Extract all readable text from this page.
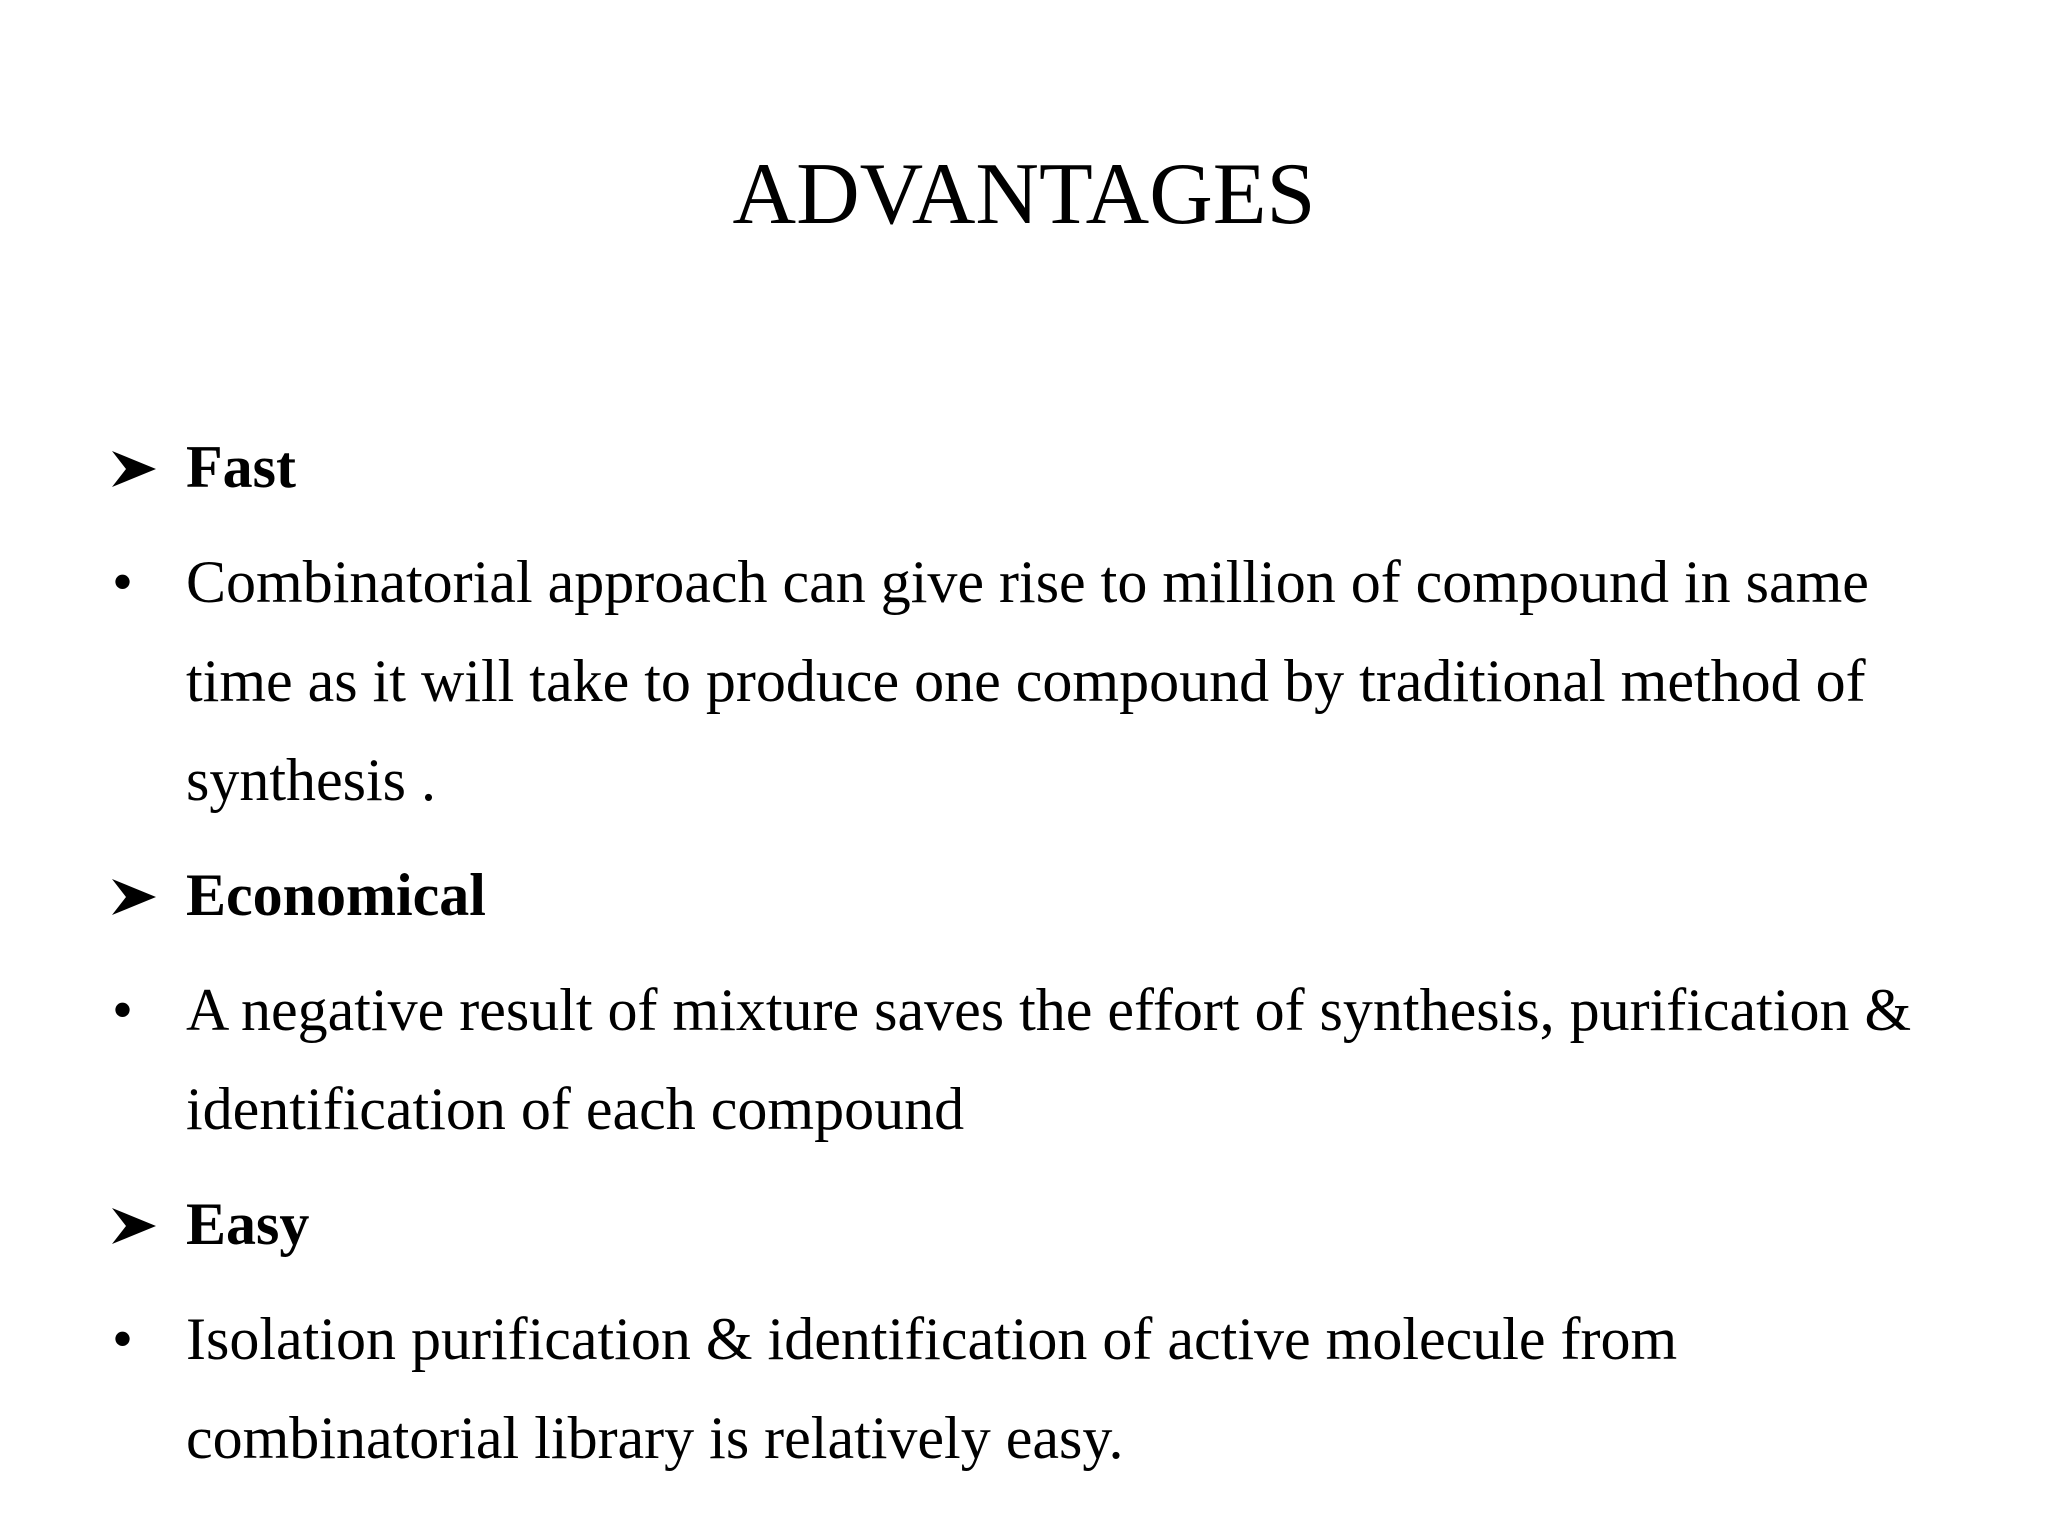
ADVANTAGES
Fast
• Combinatorial approach can give rise to million of compound in same time as it will take to produce one compound by traditional method of synthesis .
Economical
• A negative result of mixture saves the effort of synthesis, purification & identification of each compound
Easy
• Isolation purification & identification of active molecule from combinatorial library is relatively easy.
